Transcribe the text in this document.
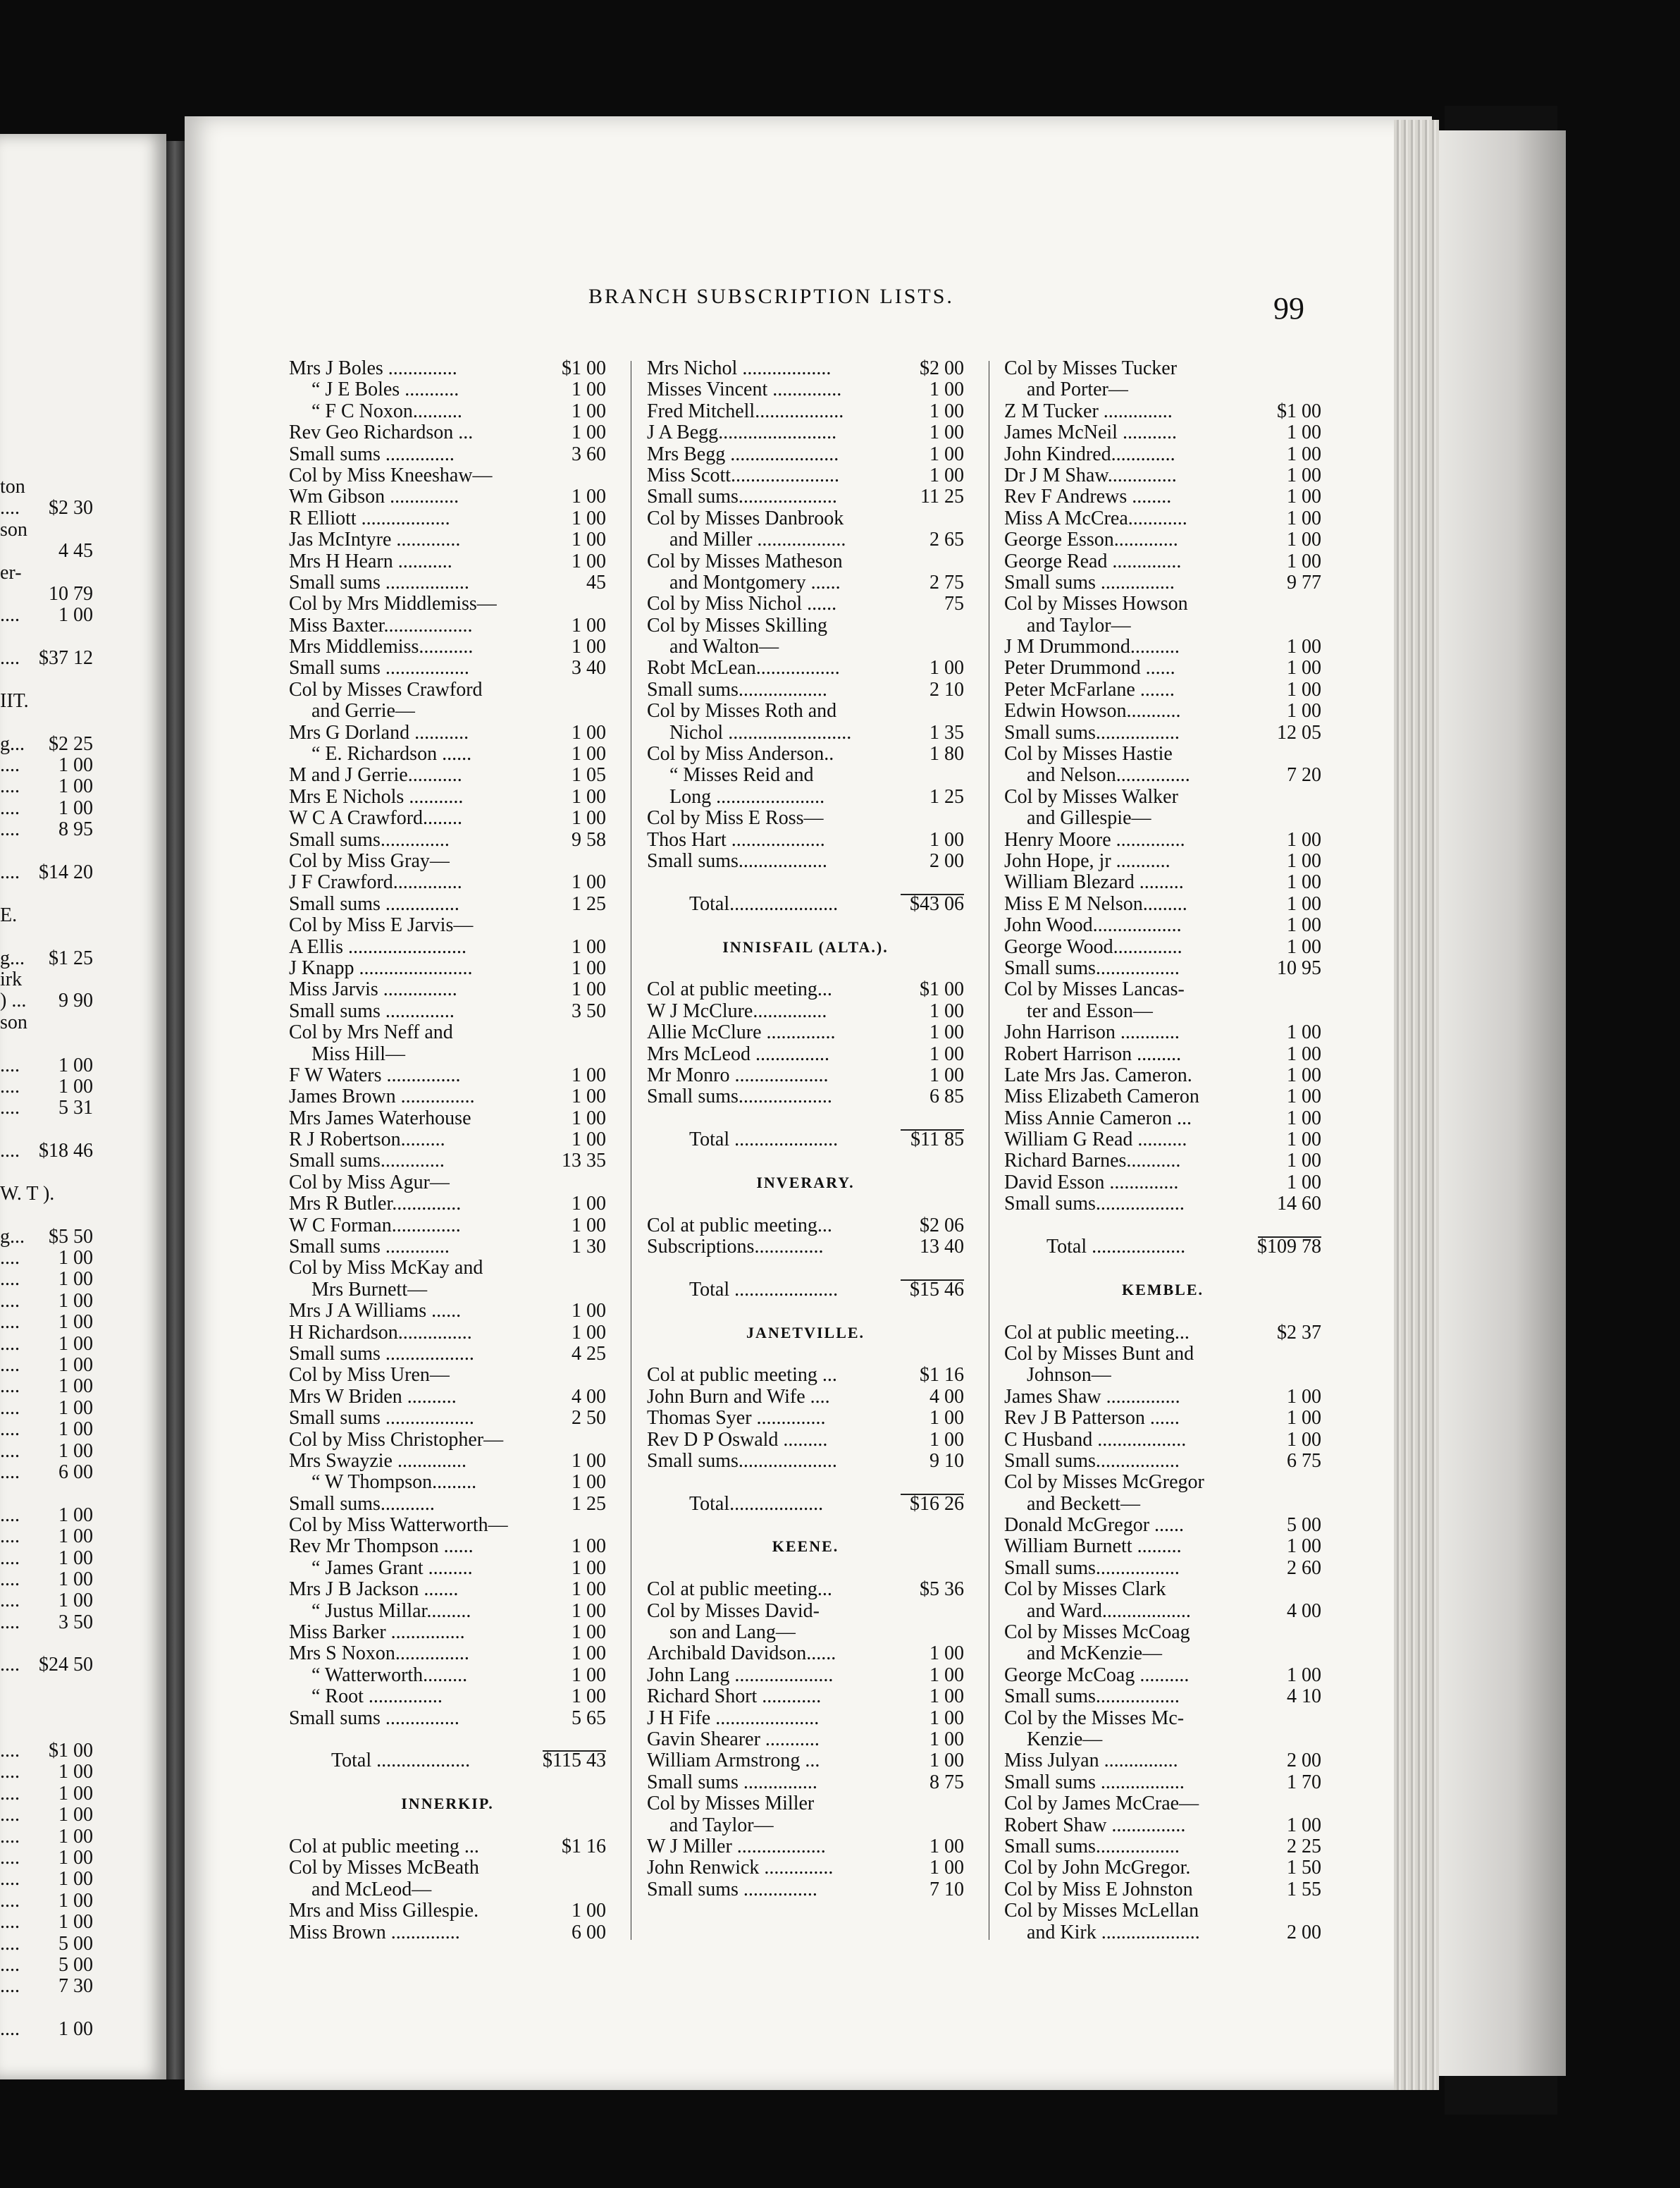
ton
.... $2 30
son
4 45
er-
10 79
.... 1 00
.... $37 12
IIT.
g... $2 25
.... 1 00
.... 1 00
.... 1 00
.... 8 95
.... $14 20
E.
g... $1 25
irk
) ... 9 90
son
.... 1 00
.... 1 00
.... 5 31
.... $18 46
W. T ).
g... $5 50
.... 1 00
.... 1 00
.... 1 00
.... 1 00
.... 1 00
.... 1 00
.... 1 00
.... 1 00
.... 1 00
.... 1 00
.... 6 00
.... 1 00
.... 1 00
.... 1 00
.... 1 00
.... 1 00
.... 3 50
.... $24 50
.... $1 00
.... 1 00
.... 1 00
.... 1 00
.... 1 00
.... 1 00
.... 1 00
.... 1 00
.... 1 00
.... 5 00
.... 5 00
.... 7 30
.... 1 00
BRANCH SUBSCRIPTION LISTS.	99
Mrs J Boles ..............	$1 00
“ J E Boles ...........	1 00
“ F C Noxon..........	1 00
Rev Geo Richardson ...	1 00
Small sums ..............	3 60
Col by Miss Kneeshaw—
Wm Gibson ..............	1 00
R Elliott ..................	1 00
Jas McIntyre .............	1 00
Mrs H Hearn ...........	1 00
Small sums .................	45
Col by Mrs Middlemiss—
Miss Baxter..................	1 00
Mrs Middlemiss...........	1 00
Small sums .................	3 40
Col by Misses Crawford
and Gerrie—
Mrs G Dorland ...........	1 00
“ E. Richardson ......	1 00
M and J Gerrie...........	1 05
Mrs E Nichols ...........	1 00
W C A Crawford........	1 00
Small sums..............	9 58
Col by Miss Gray—
J F Crawford..............	1 00
Small sums ...............	1 25
Col by Miss E Jarvis—
A Ellis ........................	1 00
J Knapp .......................	1 00
Miss Jarvis ...............	1 00
Small sums ..............	3 50
Col by Mrs Neff and
Miss Hill—
F W Waters ...............	1 00
James Brown ...............	1 00
Mrs James Waterhouse	1 00
R J Robertson.........	1 00
Small sums.............	13 35
Col by Miss Agur—
Mrs R Butler..............	1 00
W C Forman..............	1 00
Small sums .............	1 30
Col by Miss McKay and
Mrs Burnett—
Mrs J A Williams ......	1 00
H Richardson...............	1 00
Small sums ..................	4 25
Col by Miss Uren—
Mrs W Briden ..........	4 00
Small sums ..................	2 50
Col by Miss Christopher—
Mrs Swayzie ..............	1 00
“ W Thompson.........	1 00
Small sums...........	1 25
Col by Miss Watterworth—
Rev Mr Thompson ......	1 00
“ James Grant .........	1 00
Mrs J B Jackson .......	1 00
“ Justus Millar.........	1 00
Miss Barker ...............	1 00
Mrs S Noxon...............	1 00
“ Watterworth.........	1 00
“ Root ...............	1 00
Small sums ...............	5 65
Total ...................	$115 43
INNERKIP.
Col at public meeting ...	$1 16
Col by Misses McBeath
and McLeod—
Mrs and Miss Gillespie.	1 00
Miss Brown ..............	6 00
Mrs Nichol ..................	$2 00
Misses Vincent ..............	1 00
Fred Mitchell..................	1 00
J A Begg........................	1 00
Mrs Begg ......................	1 00
Miss Scott......................	1 00
Small sums....................	11 25
Col by Misses Danbrook
and Miller ..................	2 65
Col by Misses Matheson
and Montgomery ......	2 75
Col by Miss Nichol ......	75
Col by Misses Skilling
and Walton—
Robt McLean.................	1 00
Small sums..................	2 10
Col by Misses Roth and
Nichol .........................	1 35
Col by Miss Anderson..	1 80
“ Misses Reid and
Long ......................	1 25
Col by Miss E Ross—
Thos Hart ...................	1 00
Small sums..................	2 00
Total......................	$43 06
INNISFAIL (ALTA.).
Col at public meeting...	$1 00
W J McClure...............	1 00
Allie McClure ..............	1 00
Mrs McLeod ...............	1 00
Mr Monro ...................	1 00
Small sums...................	6 85
Total .....................	$11 85
INVERARY.
Col at public meeting...	$2 06
Subscriptions..............	13 40
Total .....................	$15 46
JANETVILLE.
Col at public meeting ...	$1 16
John Burn and Wife ....	4 00
Thomas Syer ..............	1 00
Rev D P Oswald .........	1 00
Small sums....................	9 10
Total...................	$16 26
KEENE.
Col at public meeting...	$5 36
Col by Misses David-
son and Lang—
Archibald Davidson......	1 00
John Lang ....................	1 00
Richard Short ............	1 00
J H Fife .....................	1 00
Gavin Shearer ...........	1 00
William Armstrong ...	1 00
Small sums ...............	8 75
Col by Misses Miller
and Taylor—
W J Miller ..................	1 00
John Renwick ..............	1 00
Small sums ...............	7 10
Col by Misses Tucker
and Porter—
Z M Tucker ..............	$1 00
James McNeil ...........	1 00
John Kindred.............	1 00
Dr J M Shaw..............	1 00
Rev F Andrews ........	1 00
Miss A McCrea............	1 00
George Esson.............	1 00
George Read ..............	1 00
Small sums ...............	9 77
Col by Misses Howson
and Taylor—
J M Drummond..........	1 00
Peter Drummond ......	1 00
Peter McFarlane .......	1 00
Edwin Howson...........	1 00
Small sums.................	12 05
Col by Misses Hastie
and Nelson...............	7 20
Col by Misses Walker
and Gillespie—
Henry Moore ..............	1 00
John Hope, jr ...........	1 00
William Blezard .........	1 00
Miss E M Nelson.........	1 00
John Wood..................	1 00
George Wood..............	1 00
Small sums.................	10 95
Col by Misses Lancas-
ter and Esson—
John Harrison ............	1 00
Robert Harrison .........	1 00
Late Mrs Jas. Cameron.	1 00
Miss Elizabeth Cameron	1 00
Miss Annie Cameron ...	1 00
William G Read ..........	1 00
Richard Barnes...........	1 00
David Esson ..............	1 00
Small sums..................	14 60
Total ...................	$109 78
KEMBLE.
Col at public meeting...	$2 37
Col by Misses Bunt and
Johnson—
James Shaw ...............	1 00
Rev J B Patterson ......	1 00
C Husband ..................	1 00
Small sums.................	6 75
Col by Misses McGregor
and Beckett—
Donald McGregor ......	5 00
William Burnett .........	1 00
Small sums.................	2 60
Col by Misses Clark
and Ward..................	4 00
Col by Misses McCoag
and McKenzie—
George McCoag ..........	1 00
Small sums.................	4 10
Col by the Misses Mc-
Kenzie—
Miss Julyan ...............	2 00
Small sums .................	1 70
Col by James McCrae—
Robert Shaw ...............	1 00
Small sums.................	2 25
Col by John McGregor.	1 50
Col by Miss E Johnston	1 55
Col by Misses McLellan
and Kirk ....................	2 00
